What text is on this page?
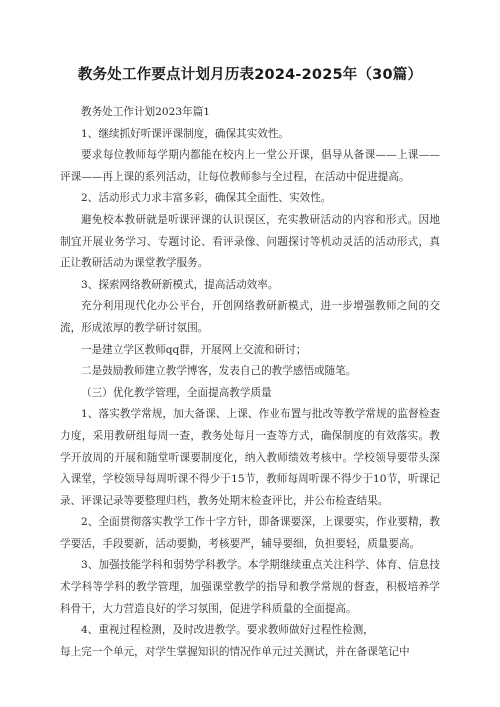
教务处工作要点计划月历表2024-2025年（30篇）

教务处工作计划2023年篇1

1、继续抓好听课评课制度，确保其实效性。

要求每位教师每学期内都能在校内上一堂公开课，倡导从备课——上课——评课——再上课的系列活动，让每位教师参与全过程，在活动中促进提高。

2、活动形式力求丰富多彩，确保其全面性、实效性。

避免校本教研就是听课评课的认识误区，充实教研活动的内容和形式。因地制宜开展业务学习、专题讨论、看评录像、问题探讨等机动灵活的活动形式，真正让教研活动为课堂教学服务。

3、探索网络教研新模式，提高活动效率。

充分利用现代化办公平台，开创网络教研新模式，进一步增强教师之间的交流，形成浓厚的教学研讨氛围。

一是建立学区教师qq群，开展网上交流和研讨；

二是鼓励教师建立教学博客，发表自己的教学感悟或随笔。

（三）优化教学管理，全面提高教学质量

1、落实教学常规，加大备课、上课、作业布置与批改等教学常规的监督检查力度，采用教研组每周一查，教务处每月一查等方式，确保制度的有效落实。教学开放周的开展和随堂听课要制度化，纳入教师绩效考核中。学校领导要带头深入课堂，学校领导每周听课不得少于15节，教师每周听课不得少于10节，听课记录、评课记录等要整理归档，教务处期末检查评比，并公布检查结果。

2、全面贯彻落实教学工作十字方针，即备课要深，上课要实，作业要精，教学要活，手段要新，活动要勤，考核要严，辅导要细，负担要轻，质量要高。

3、加强技能学科和弱势学科教学。本学期继续重点关注科学、体育、信息技术学科等学科的教学管理，加强课堂教学的指导和教学常规的督查，积极培养学科骨干，大力营造良好的学习氛围，促进学科质量的全面提高。

4、重视过程检测，及时改进教学。要求教师做好过程性检测，

每上完一个单元，对学生掌握知识的情况作单元过关测试，并在备课笔记中
